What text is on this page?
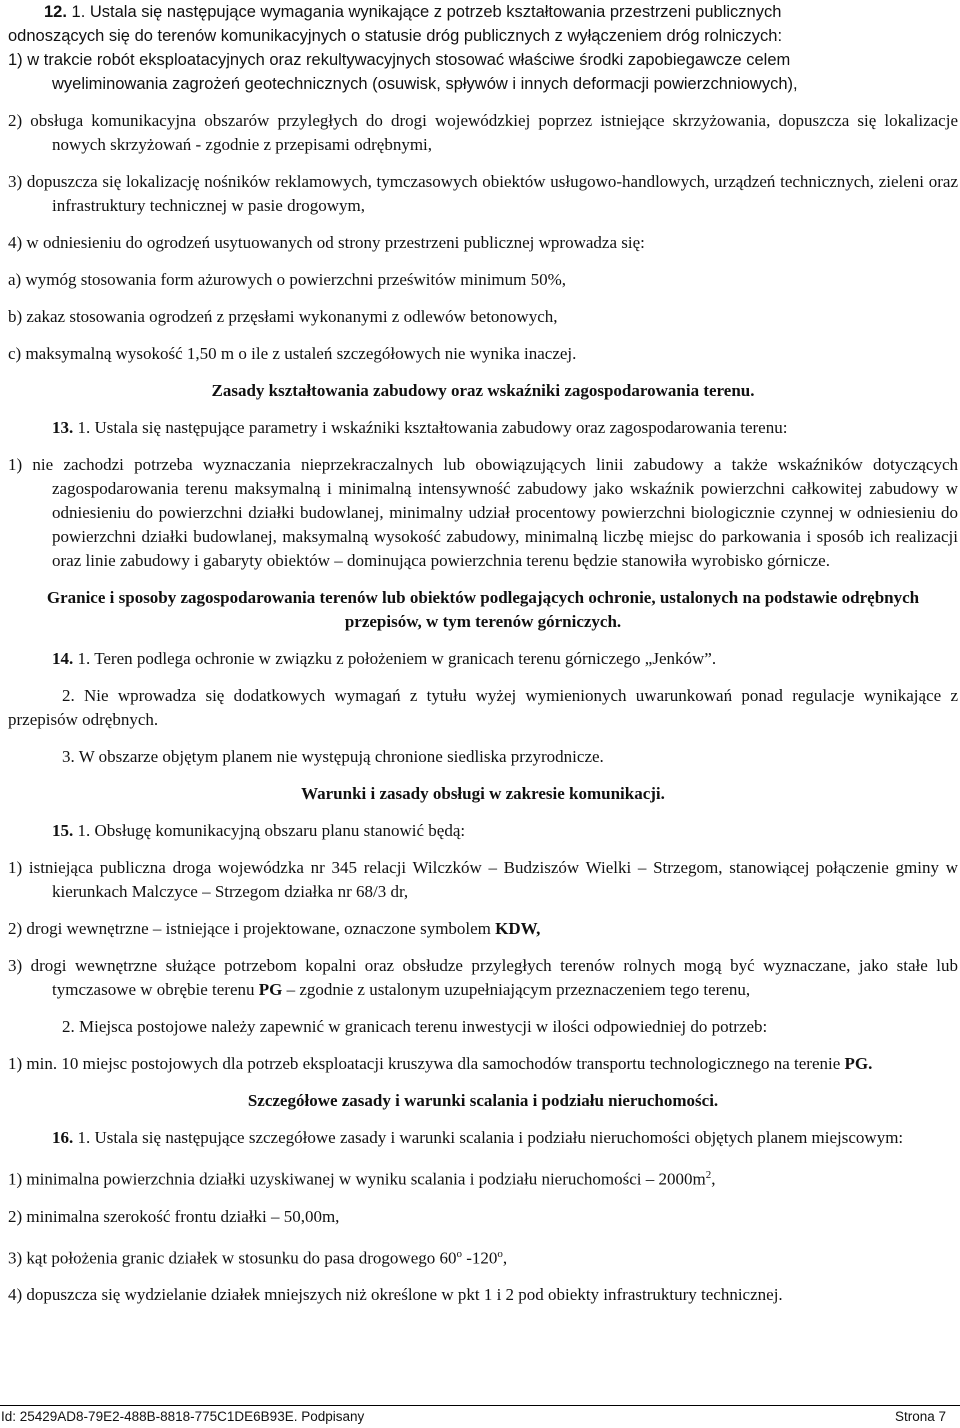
12. 1. Ustala się następujące wymagania wynikające z potrzeb kształtowania przestrzeni publicznych

odnoszących się do terenów komunikacyjnych o statusie dróg publicznych z wyłączeniem dróg rolniczych:

1) w trakcie robót eksploatacyjnych oraz rekultywacyjnych stosować właściwe środki zapobiegawcze celem

wyeliminowania zagrożeń geotechnicznych (osuwisk, spływów i innych deformacji powierzchniowych),

2) obsługa komunikacyjna obszarów przyległych do drogi wojewódzkiej poprzez istniejące skrzyżowania, dopuszcza się lokalizacje nowych skrzyżowań - zgodnie z przepisami odrębnymi,

3) dopuszcza się lokalizację nośników reklamowych, tymczasowych obiektów usługowo-handlowych, urządzeń technicznych, zieleni oraz infrastruktury technicznej w pasie drogowym,

4) w odniesieniu do ogrodzeń usytuowanych od strony przestrzeni publicznej wprowadza się:

a) wymóg stosowania form ażurowych o powierzchni prześwitów minimum 50%,

b) zakaz stosowania ogrodzeń z przęsłami wykonanymi z odlewów betonowych,

c) maksymalną wysokość 1,50 m o ile z ustaleń szczegółowych nie wynika inaczej.

Zasady kształtowania zabudowy oraz wskaźniki zagospodarowania terenu.

13. 1. Ustala się następujące parametry i wskaźniki kształtowania zabudowy oraz zagospodarowania terenu:

1) nie zachodzi potrzeba wyznaczania nieprzekraczalnych lub obowiązujących linii zabudowy a także wskaźników dotyczących zagospodarowania terenu maksymalną i minimalną intensywność zabudowy jako wskaźnik powierzchni całkowitej zabudowy w odniesieniu do powierzchni działki budowlanej, minimalny udział procentowy powierzchni biologicznie czynnej w odniesieniu do powierzchni działki budowlanej, maksymalną wysokość zabudowy, minimalną liczbę miejsc do parkowania i sposób ich realizacji oraz linie zabudowy i gabaryty obiektów – dominująca powierzchnia terenu będzie stanowiła wyrobisko górnicze.

Granice i sposoby zagospodarowania terenów lub obiektów podlegających ochronie, ustalonych na podstawie odrębnych przepisów, w tym terenów górniczych.

14. 1. Teren podlega ochronie w związku z położeniem w granicach terenu górniczego „Jenków”.

2. Nie wprowadza się dodatkowych wymagań z tytułu wyżej wymienionych uwarunkowań ponad regulacje wynikające z przepisów odrębnych.

3. W obszarze objętym planem nie występują chronione siedliska przyrodnicze.

Warunki i zasady obsługi w zakresie komunikacji.

15. 1. Obsługę komunikacyjną obszaru planu stanowić będą:

1) istniejąca publiczna droga wojewódzka nr 345 relacji Wilczków – Budziszów Wielki – Strzegom, stanowiącej połączenie gminy w kierunkach Malczyce – Strzegom działka nr 68/3 dr,

2) drogi wewnętrzne – istniejące i projektowane, oznaczone symbolem KDW,

3) drogi wewnętrzne służące potrzebom kopalni oraz obsłudze przyległych terenów rolnych mogą być wyznaczane, jako stałe lub tymczasowe w obrębie terenu PG – zgodnie z ustalonym uzupełniającym przeznaczeniem tego terenu,

2. Miejsca postojowe należy zapewnić w granicach terenu inwestycji w ilości odpowiedniej do potrzeb:

1) min. 10 miejsc postojowych dla potrzeb eksploatacji kruszywa dla samochodów transportu technologicznego na terenie PG.

Szczegółowe zasady i warunki scalania i podziału nieruchomości.

16. 1. Ustala się następujące szczegółowe zasady i warunki scalania i podziału nieruchomości objętych planem miejscowym:

1) minimalna powierzchnia działki uzyskiwanej w wyniku scalania i podziału nieruchomości – $2000m^2$,

2) minimalna szerokość frontu działki – 50,00m,

3) kąt położenia granic działek w stosunku do pasa drogowego 60$^o$ -120$^o$,

4) dopuszcza się wydzielanie działek mniejszych niż określone w pkt 1 i 2 pod obiekty infrastruktury technicznej.

Id: 25429AD8-79E2-488B-8818-775C1DE6B93E. Podpisany	Strona 7
